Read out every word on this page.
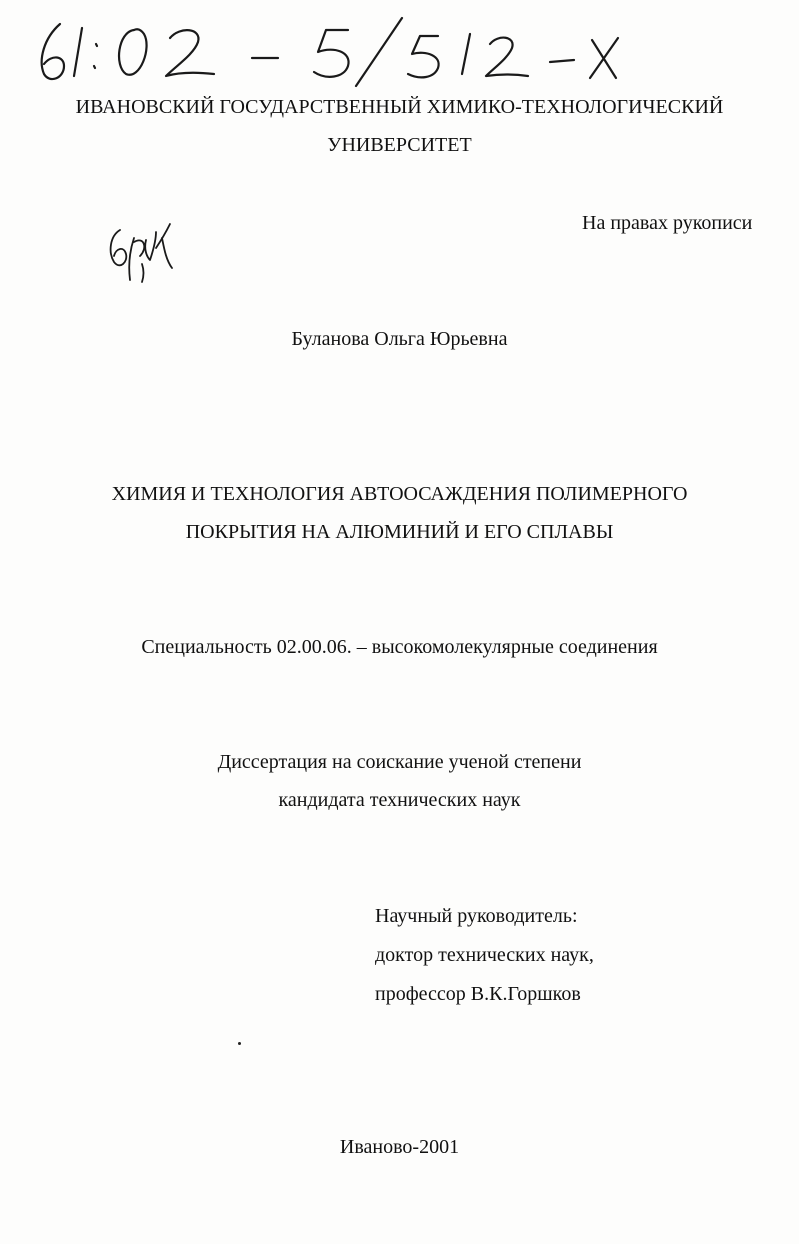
ИВАНОВСКИЙ ГОСУДАРСТВЕННЫЙ ХИМИКО-ТЕХНОЛОГИЧЕСКИЙ
УНИВЕРСИТЕТ
На правах рукописи
Буланова Ольга Юрьевна
ХИМИЯ И ТЕХНОЛОГИЯ АВТООСАЖДЕНИЯ ПОЛИМЕРНОГО
ПОКРЫТИЯ НА АЛЮМИНИЙ И ЕГО СПЛАВЫ
Специальность 02.00.06. – высокомолекулярные соединения
Диссертация на соискание ученой степени
кандидата технических наук
Научный руководитель:
доктор технических наук,
профессор В.К.Горшков
Иваново-2001
